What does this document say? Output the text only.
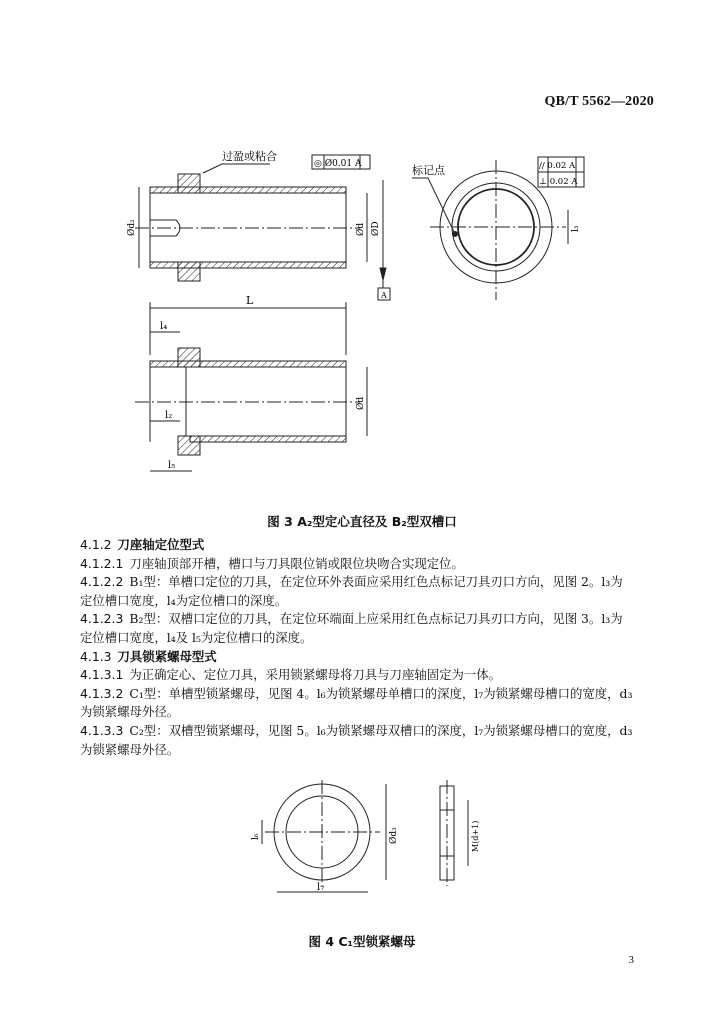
QB/T 5562—2020
过盈或粘合
◎ Ø0.01 A	标记点	// 0.02 A
⊥ 0.02 A
A
Ød₂	Ød ØD	l₃
L
l₄
l₂
Ød
l₅
图 3 A₂型定心直径及 B₂型双槽口
4.1.2 刀座轴定位型式
4.1.2.1 刀座轴顶部开槽，槽口与刀具限位销或限位块吻合实现定位。
4.1.2.2 B₁型：单槽口定位的刀具，在定位环外表面应采用红色点标记刀具刃口方向，见图 2。l₃为
定位槽口宽度，l₄为定位槽口的深度。
4.1.2.3 B₂型：双槽口定位的刀具，在定位环端面上应采用红色点标记刀具刃口方向，见图 3。l₃为
定位槽口宽度，l₄及 l₅为定位槽口的深度。
4.1.3 刀具锁紧螺母型式
4.1.3.1 为正确定心、定位刀具，采用锁紧螺母将刀具与刀座轴固定为一体。
4.1.3.2 C₁型：单槽型锁紧螺母，见图 4。l₆为锁紧螺母单槽口的深度，l₇为锁紧螺母槽口的宽度，d₃
为锁紧螺母外径。
4.1.3.3 C₂型：双槽型锁紧螺母，见图 5。l₆为锁紧螺母双槽口的深度，l₇为锁紧螺母槽口的宽度，d₃
为锁紧螺母外径。
l₆
l₇
Ød₃	M(d+1)
图 4 C₁型锁紧螺母
3
